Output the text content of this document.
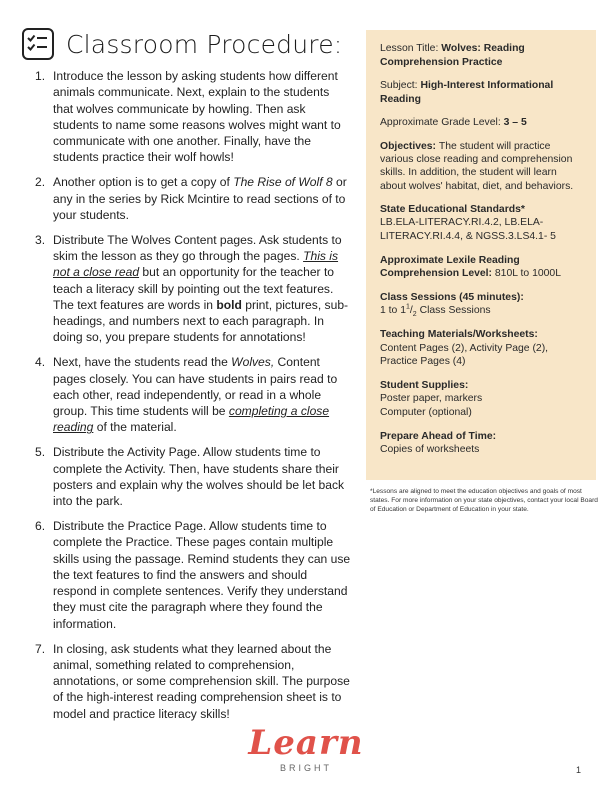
Classroom Procedure:
1. Introduce the lesson by asking students how different animals communicate. Next, explain to the students that wolves communicate by howling. Then ask students to name some reasons wolves might want to communicate with one another. Finally, have the students practice their wolf howls!
2. Another option is to get a copy of The Rise of Wolf 8 or any in the series by Rick Mcintire to read sections of to your students.
3. Distribute The Wolves Content pages. Ask students to skim the lesson as they go through the pages. This is not a close read but an opportunity for the teacher to teach a literacy skill by pointing out the text features. The text features are words in bold print, pictures, sub-headings, and numbers next to each paragraph. In doing so, you prepare students for annotations!
4. Next, have the students read the Wolves, Content pages closely. You can have students in pairs read to each other, read independently, or read in a whole group. This time students will be completing a close reading of the material.
5. Distribute the Activity Page. Allow students time to complete the Activity. Then, have students share their posters and explain why the wolves should be let back into the park.
6. Distribute the Practice Page. Allow students time to complete the Practice. These pages contain multiple skills using the passage. Remind students they can use the text features to find the answers and should respond in complete sentences. Verify they understand they must cite the paragraph where they found the information.
7. In closing, ask students what they learned about the animal, something related to comprehension, annotations, or some comprehension skill. The purpose of the high-interest reading comprehension sheet is to model and practice literacy skills!
Lesson Title: Wolves: Reading Comprehension Practice
Subject: High-Interest Informational Reading
Approximate Grade Level: 3 – 5
Objectives: The student will practice various close reading and comprehension skills. In addition, the student will learn about wolves' habitat, diet, and behaviors.
State Educational Standards*
LB.ELA-LITERACY.RI.4.2, LB.ELA-LITERACY.RI.4.4, & NGSS.3.LS4.1- 5
Approximate Lexile Reading Comprehension Level: 810L to 1000L
Class Sessions (45 minutes):
1 to $1^1/_2$ Class Sessions
Teaching Materials/Worksheets:
Content Pages (2), Activity Page (2),
Practice Pages (4)
Student Supplies:
Poster paper, markers
Computer (optional)
Prepare Ahead of Time:
Copies of worksheets
*Lessons are aligned to meet the education objectives and goals of most states. For more information on your state objectives, contact your local Board of Education or Department of Education in your state.
Learn
BRIGHT	1
